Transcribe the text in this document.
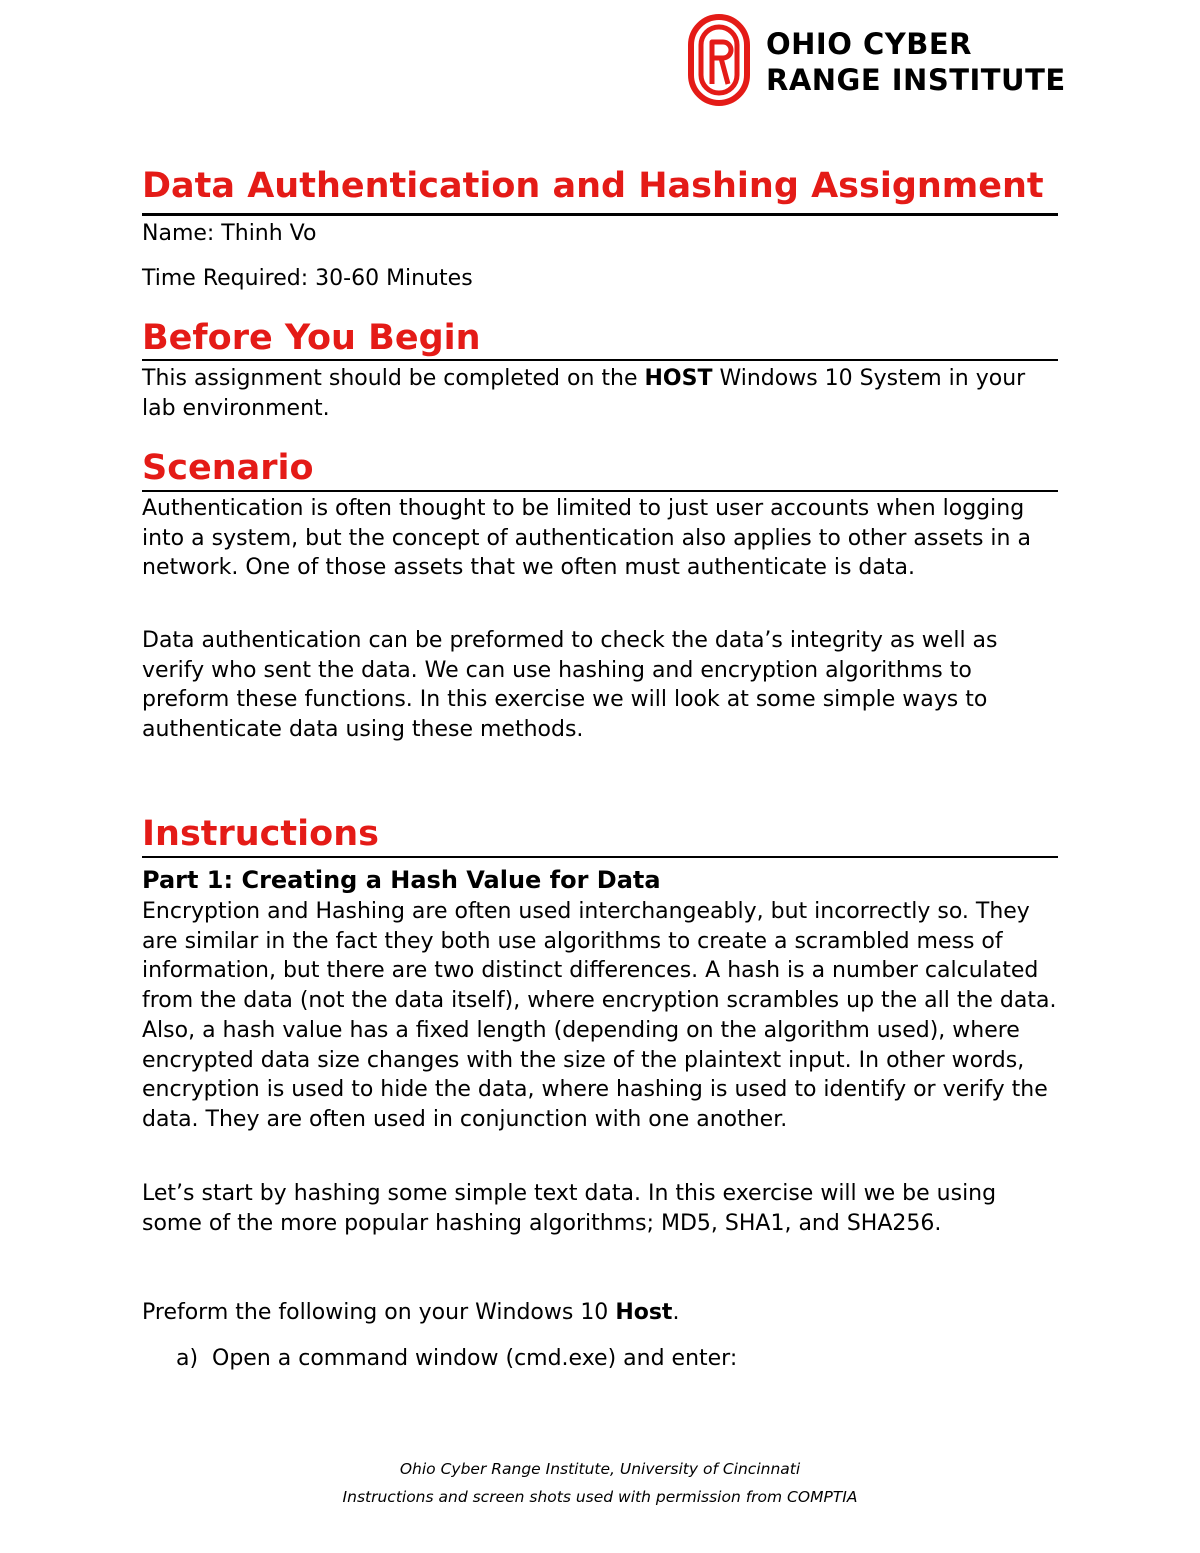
OHIO CYBER
RANGE INSTITUTE
Data Authentication and Hashing Assignment
Name: Thinh Vo
Time Required: 30-60 Minutes
Before You Begin
This assignment should be completed on the HOST Windows 10 System in your lab environment.
Scenario
Authentication is often thought to be limited to just user accounts when logging into a system, but the concept of authentication also applies to other assets in a network. One of those assets that we often must authenticate is data.
Data authentication can be preformed to check the data’s integrity as well as verify who sent the data. We can use hashing and encryption algorithms to preform these functions. In this exercise we will look at some simple ways to authenticate data using these methods.
Instructions
Part 1: Creating a Hash Value for Data
Encryption and Hashing are often used interchangeably, but incorrectly so. They are similar in the fact they both use algorithms to create a scrambled mess of information, but there are two distinct differences. A hash is a number calculated from the data (not the data itself), where encryption scrambles up the all the data. Also, a hash value has a fixed length (depending on the algorithm used), where encrypted data size changes with the size of the plaintext input. In other words, encryption is used to hide the data, where hashing is used to identify or verify the data. They are often used in conjunction with one another.
Let’s start by hashing some simple text data. In this exercise will we be using some of the more popular hashing algorithms; MD5, SHA1, and SHA256.
Preform the following on your Windows 10 Host.
a) Open a command window (cmd.exe) and enter:
Ohio Cyber Range Institute, University of Cincinnati
Instructions and screen shots used with permission from COMPTIA
